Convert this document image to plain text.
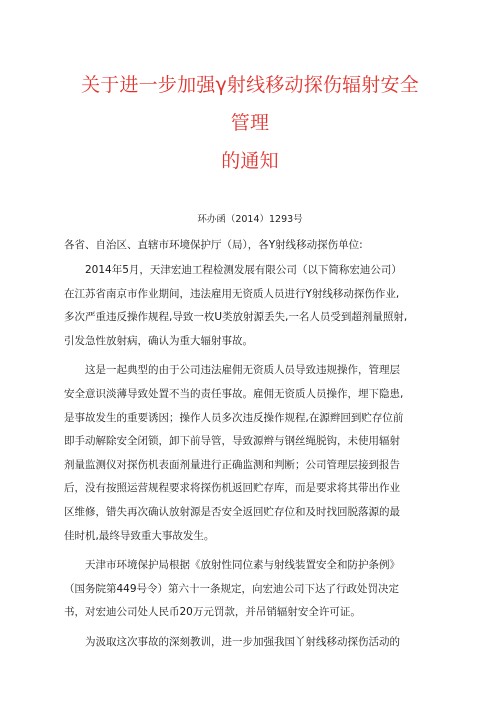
关于进一步加强γ射线移动探伤辐射安全管理
的通知

环办函（2014）1293号

各省、自治区、直辖市环境保护厅（局），各Y射线移动探伤单位:

2014年5月，天津宏迪工程检测发展有限公司（以下简称宏迪公司）
在江苏省南京市作业期间，违法雇用无资质人员进行Y射线移动探伤作业,
多次严重违反操作规程,导致一枚U类放射源丢失,一名人员受到超剂量照射,
引发急性放射病，确认为重大辐射事故。

这是一起典型的由于公司违法雇佣无资质人员导致违规操作，管理层
安全意识淡薄导致处置不当的责任事故。雇佣无资质人员操作，埋下隐患,
是事故发生的重要诱因；操作人员多次违反操作规程,在源辫回到贮存位前
即手动解除安全闭锁，卸下前导管，导致源辫与钢丝绳脱钩，未使用辐射
剂量监测仪对探伤机表面剂量进行正确监测和判断；公司管理层接到报告
后，没有按照运营规程要求将探伤机返回贮存库，而是要求将其带出作业
区维修，错失再次确认放射源是否安全返回贮存位和及时找回脱落源的最
佳时机,最终导致重大事故发生。

天津市环境保护局根据《放射性同位素与射线装置安全和防护条例》
（国务院第449号令）第六十一条规定，向宏迪公司下达了行政处罚决定
书，对宏迪公司处人民币20万元罚款，并吊销辐射安全许可证。

为汲取这次事故的深刻教训，进一步加强我国丫射线移动探伤活动的
